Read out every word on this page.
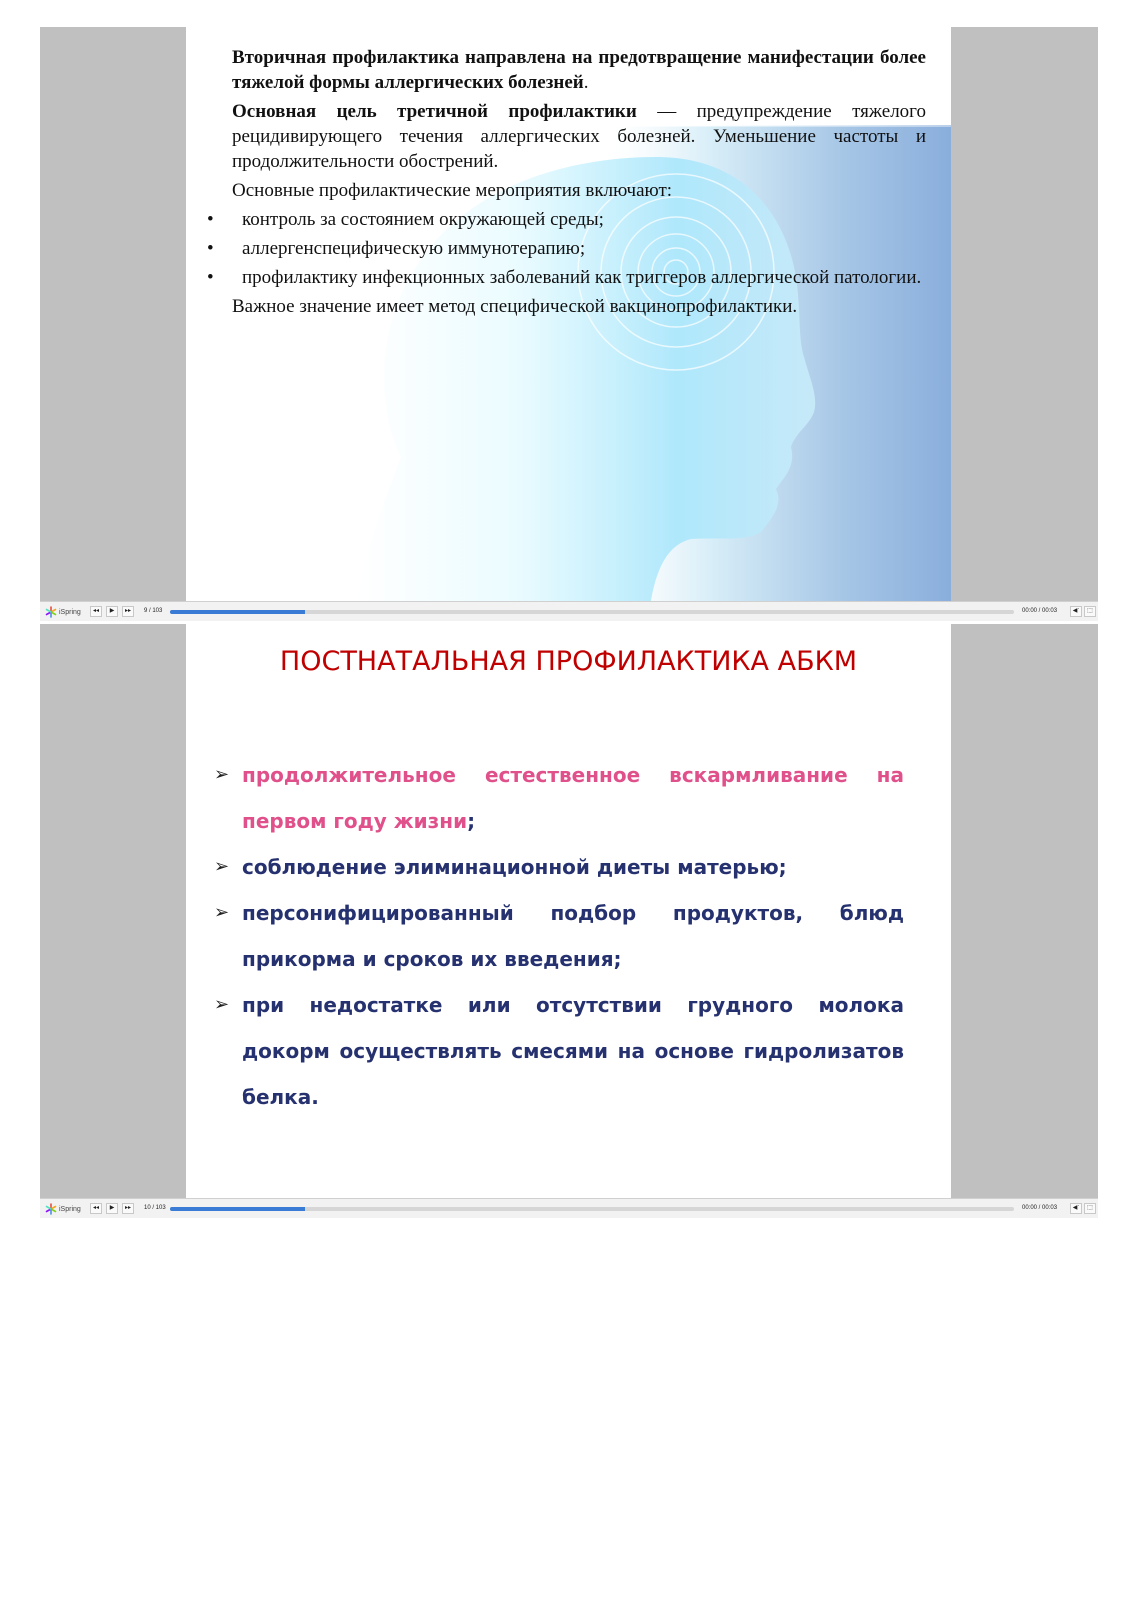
Вторичная профилактика направлена на предотвращение манифестации более тяжелой формы аллергических болезней.

Основная цель третичной профилактики — предупреждение тяжелого рецидивирующего течения аллергических болезней. Уменьшение частоты и продолжительности обострений.

Основные профилактические мероприятия включают:

• контроль за состоянием окружающей среды;
• аллергенспецифическую иммунотерапию;
• профилактику инфекционных заболеваний как триггеров аллергической патологии.

Важное значение имеет метод специфической вакцинопрофилактики.

iSpring	◂◂	▶	▸▸	9 / 103	00:00 / 00:03	◀ॱ	⬚
ПОСТНАТАЛЬНАЯ ПРОФИЛАКТИКА АБКМ
➢ продолжительное естественное вскармливание на первом году жизни;
➢ соблюдение элиминационной диеты матерью;
➢ персонифицированный подбор продуктов, блюд прикорма и сроков их введения;
➢ при недостатке или отсутствии грудного молока докорм осуществлять смесями на основе гидролизатов белка.
iSpring	◂◂	▶	▸▸	10 / 103	00:00 / 00:03	◀ॱ	⬚
